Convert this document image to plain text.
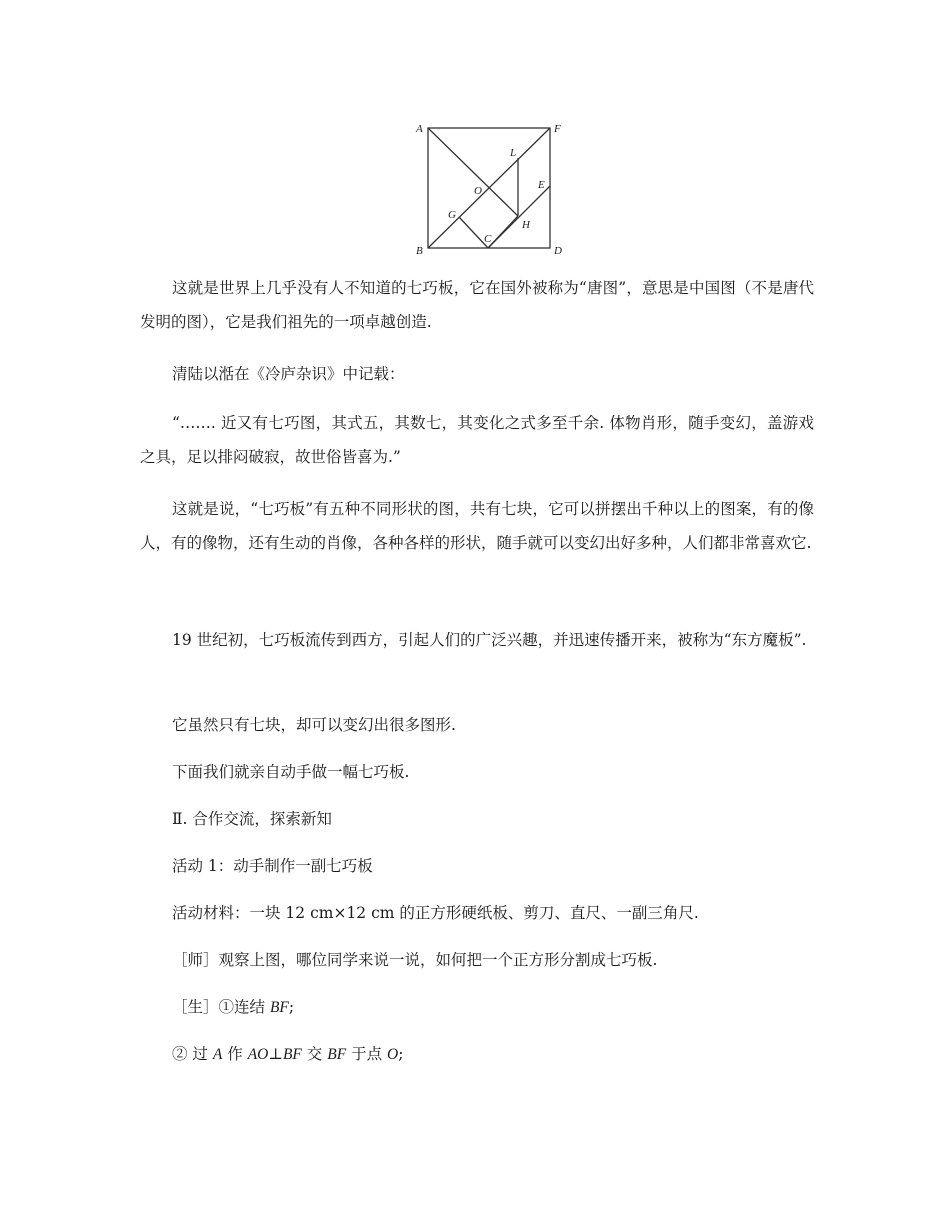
A	F
L
O	E
G
H
B
C
D

这就是世界上几乎没有人不知道的七巧板，它在国外被称为“唐图”，意思是中国图（不是唐代发明的图），它是我们祖先的一项卓越创造.

清陆以湉在《冷庐杂识》中记载：

“……. 近又有七巧图，其式五，其数七，其变化之式多至千余. 体物肖形，随手变幻，盖游戏之具，足以排闷破寂，故世俗皆喜为.”

这就是说，“七巧板”有五种不同形状的图，共有七块，它可以拼摆出千种以上的图案，有的像人，有的像物，还有生动的肖像，各种各样的形状，随手就可以变幻出好多种，人们都非常喜欢它.

19 世纪初，七巧板流传到西方，引起人们的广泛兴趣，并迅速传播开来，被称为“东方魔板”.

它虽然只有七块，却可以变幻出很多图形.

下面我们就亲自动手做一幅七巧板.

Ⅱ. 合作交流，探索新知

活动 1：动手制作一副七巧板

活动材料：一块 12 cm×12 cm 的正方形硬纸板、剪刀、直尺、一副三角尺.

［师］观察上图，哪位同学来说一说，如何把一个正方形分割成七巧板.

［生］①连结 BF;

② 过 A 作 AO⊥BF 交 BF 于点 O;
